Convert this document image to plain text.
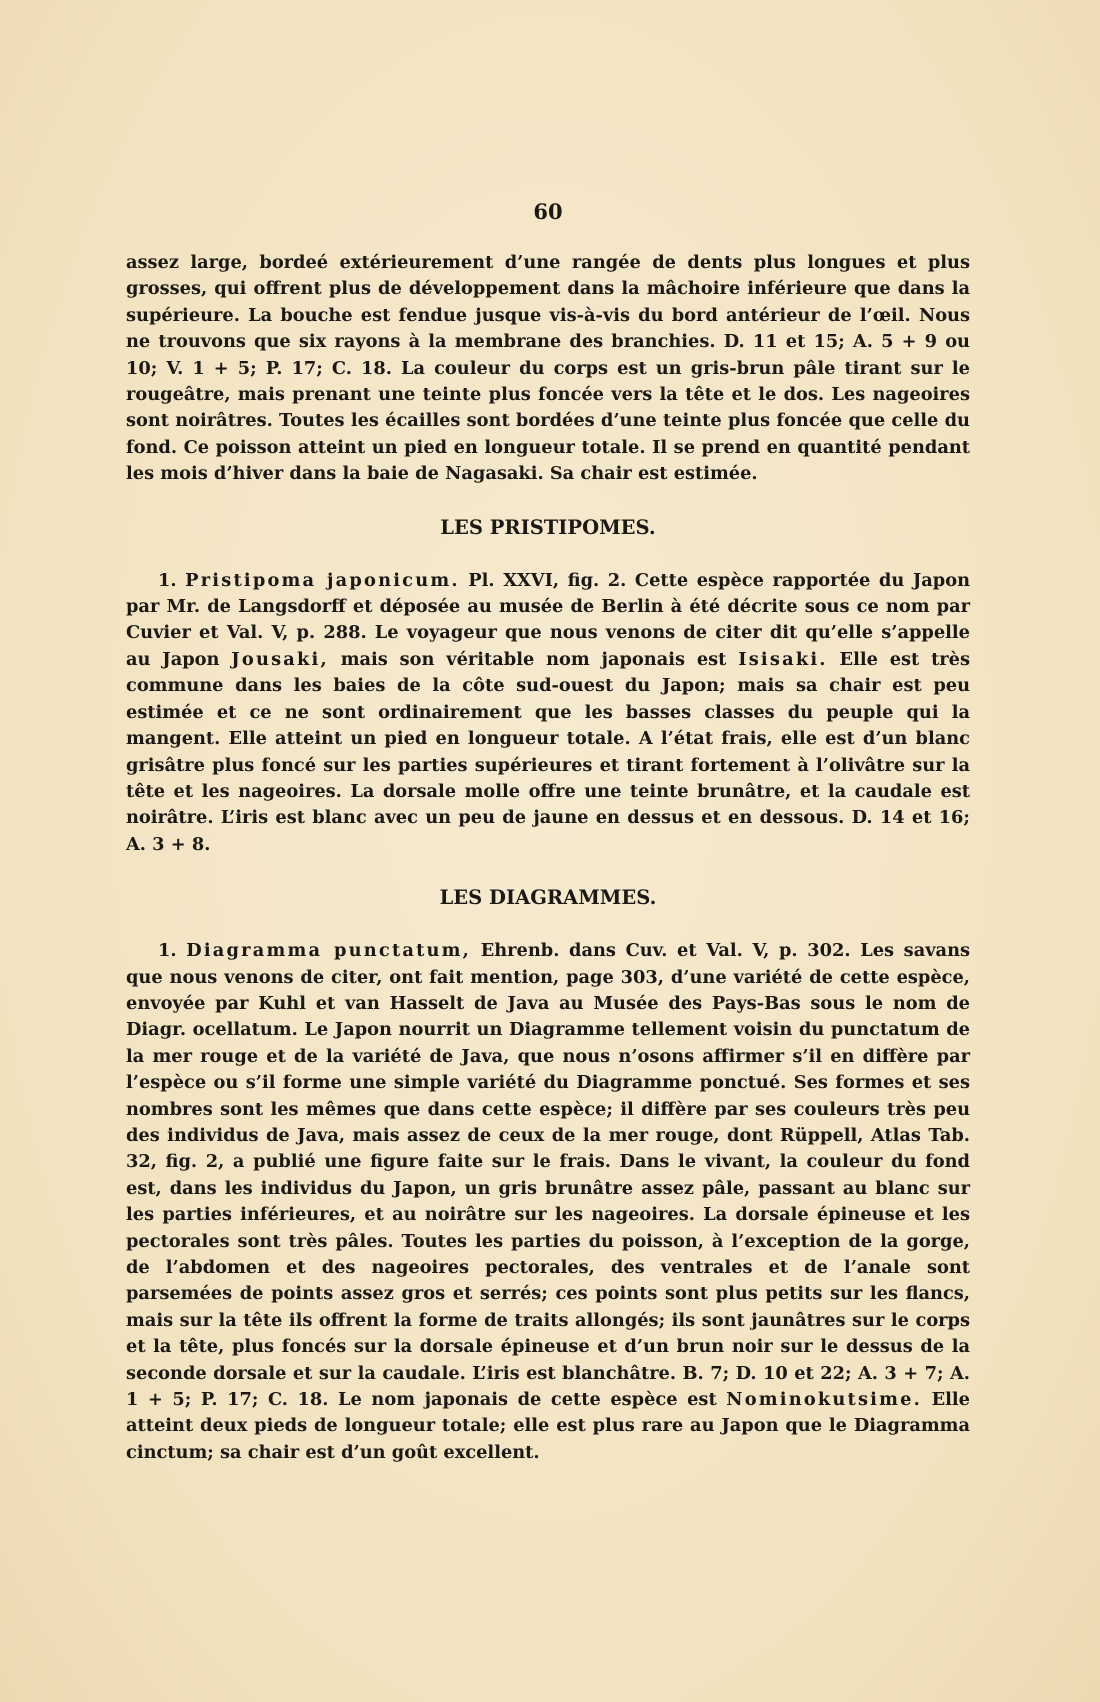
60

assez large, bordeé extérieurement d’une rangée de dents plus longues et plus grosses, qui offrent plus de développement dans la mâchoire inférieure que dans la supérieure. La bouche est fendue jusque vis-à-vis du bord antérieur de l’œil. Nous ne trouvons que six rayons à la membrane des branchies. D. 11 et 15; A. 5 + 9 ou 10; V. 1 + 5; P. 17; C. 18. La couleur du corps est un gris-brun pâle tirant sur le rougeâtre, mais prenant une teinte plus foncée vers la tête et le dos. Les nageoires sont noirâtres. Toutes les écailles sont bordées d’une teinte plus foncée que celle du fond. Ce poisson atteint un pied en longueur totale. Il se prend en quantité pendant les mois d’hiver dans la baie de Nagasaki. Sa chair est estimée.

LES PRISTIPOMES.

1. Pristipoma japonicum. Pl. XXVI, fig. 2. Cette espèce rapportée du Japon par Mr. de Langsdorff et déposée au musée de Berlin à été décrite sous ce nom par Cuvier et Val. V, p. 288. Le voyageur que nous venons de citer dit qu’elle s’appelle au Japon Jousaki, mais son véritable nom japonais est Isisaki. Elle est très commune dans les baies de la côte sud-ouest du Japon; mais sa chair est peu estimée et ce ne sont ordinairement que les basses classes du peuple qui la mangent. Elle atteint un pied en longueur totale. A l’état frais, elle est d’un blanc grisâtre plus foncé sur les parties supérieures et tirant fortement à l’olivâtre sur la tête et les nageoires. La dorsale molle offre une teinte brunâtre, et la caudale est noirâtre. L’iris est blanc avec un peu de jaune en dessus et en dessous. D. 14 et 16; A. 3 + 8.

LES DIAGRAMMES.

1. Diagramma punctatum, Ehrenb. dans Cuv. et Val. V, p. 302. Les savans que nous venons de citer, ont fait mention, page 303, d’une variété de cette espèce, envoyée par Kuhl et van Hasselt de Java au Musée des Pays-Bas sous le nom de Diagr. ocellatum. Le Japon nourrit un Diagramme tellement voisin du punctatum de la mer rouge et de la variété de Java, que nous n’osons affirmer s’il en diffère par l’espèce ou s’il forme une simple variété du Diagramme ponctué. Ses formes et ses nombres sont les mêmes que dans cette espèce; il diffère par ses couleurs très peu des individus de Java, mais assez de ceux de la mer rouge, dont Rüppell, Atlas Tab. 32, fig. 2, a publié une figure faite sur le frais. Dans le vivant, la couleur du fond est, dans les individus du Japon, un gris brunâtre assez pâle, passant au blanc sur les parties inférieures, et au noirâtre sur les nageoires. La dorsale épineuse et les pectorales sont très pâles. Toutes les parties du poisson, à l’exception de la gorge, de l’abdomen et des nageoires pectorales, des ventrales et de l’anale sont parsemées de points assez gros et serrés; ces points sont plus petits sur les flancs, mais sur la tête ils offrent la forme de traits allongés; ils sont jaunâtres sur le corps et la tête, plus foncés sur la dorsale épineuse et d’un brun noir sur le dessus de la seconde dorsale et sur la caudale. L’iris est blanchâtre. B. 7; D. 10 et 22; A. 3 + 7; A. 1 + 5; P. 17; C. 18. Le nom japonais de cette espèce est Nominokutsime. Elle atteint deux pieds de longueur totale; elle est plus rare au Japon que le Diagramma cinctum; sa chair est d’un goût excellent.
